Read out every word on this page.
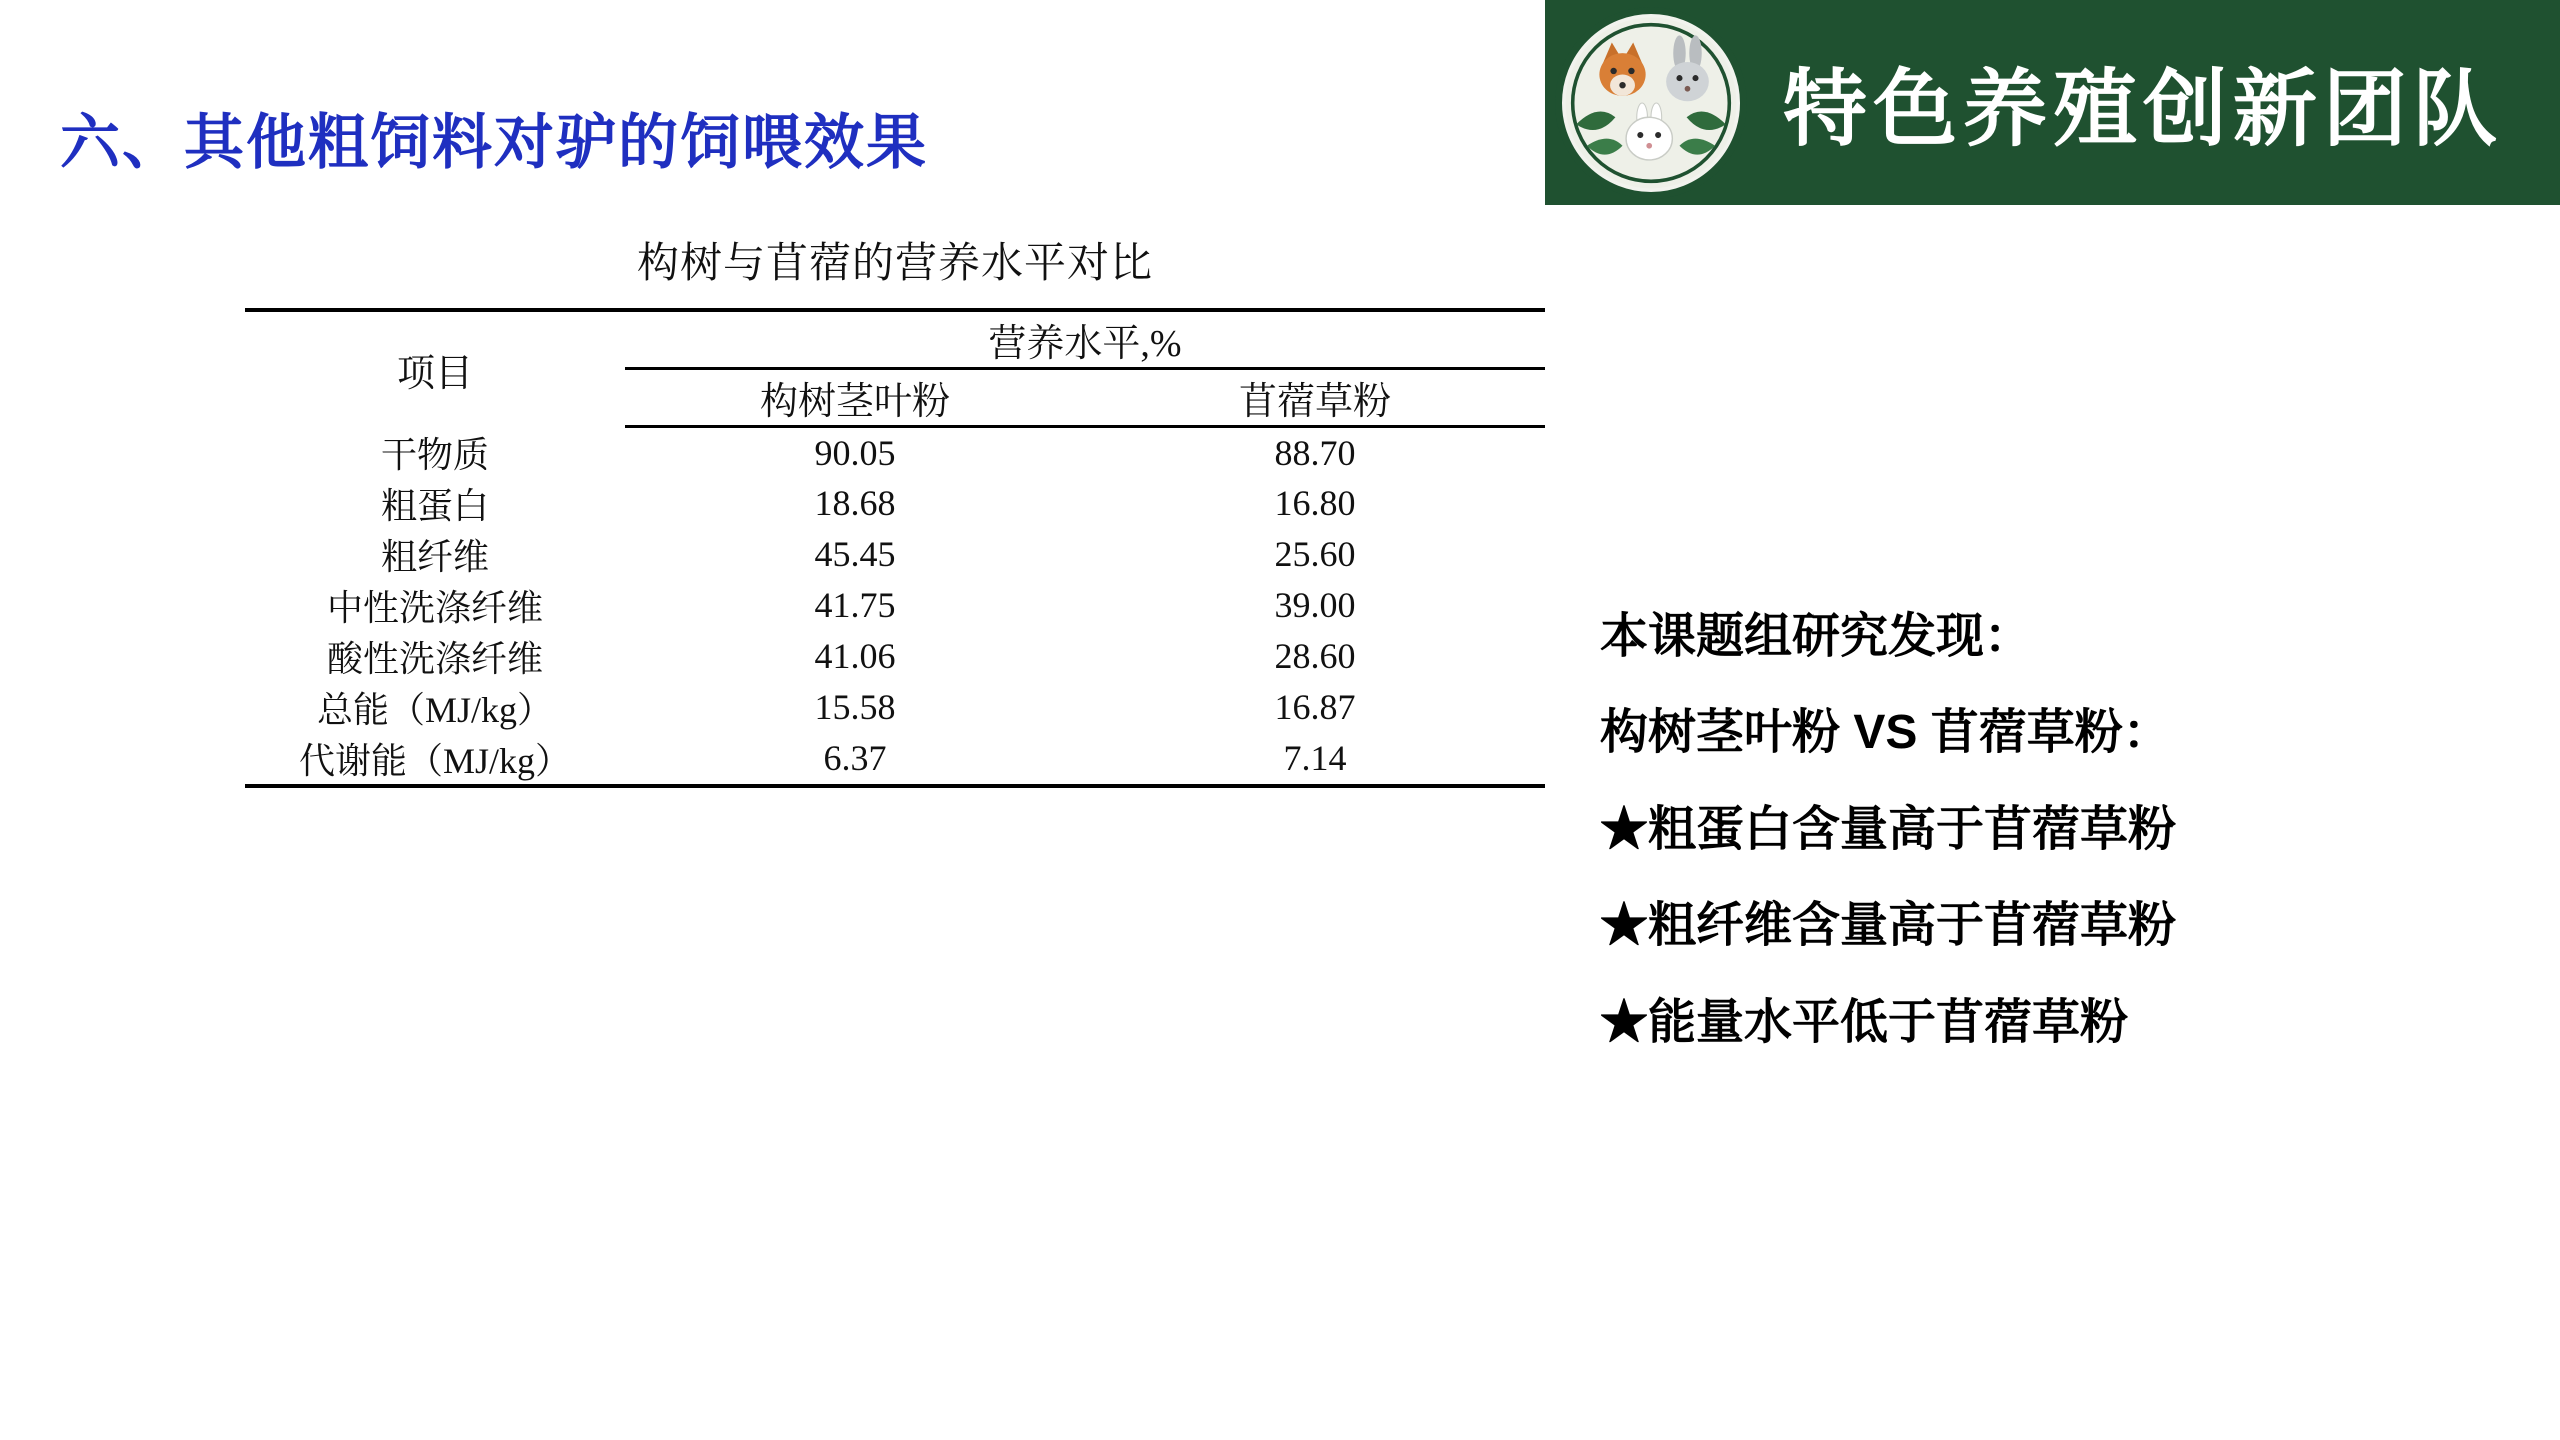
特色养殖创新团队
六、其他粗饲料对驴的饲喂效果
构树与苜蓿的营养水平对比
项目	营养水平,%	

	构树茎叶粉	苜蓿草粉
干物质	90.05	88.70
粗蛋白	18.68	16.80
粗纤维	45.45	25.60
中性洗涤纤维	41.75	39.00
酸性洗涤纤维	41.06	28.60
总能（MJ/kg）	15.58	16.87
代谢能（MJ/kg）	6.37	7.14
本课题组研究发现：
构树茎叶粉 VS 苜蓿草粉：
★粗蛋白含量高于苜蓿草粉
★粗纤维含量高于苜蓿草粉
★能量水平低于苜蓿草粉
